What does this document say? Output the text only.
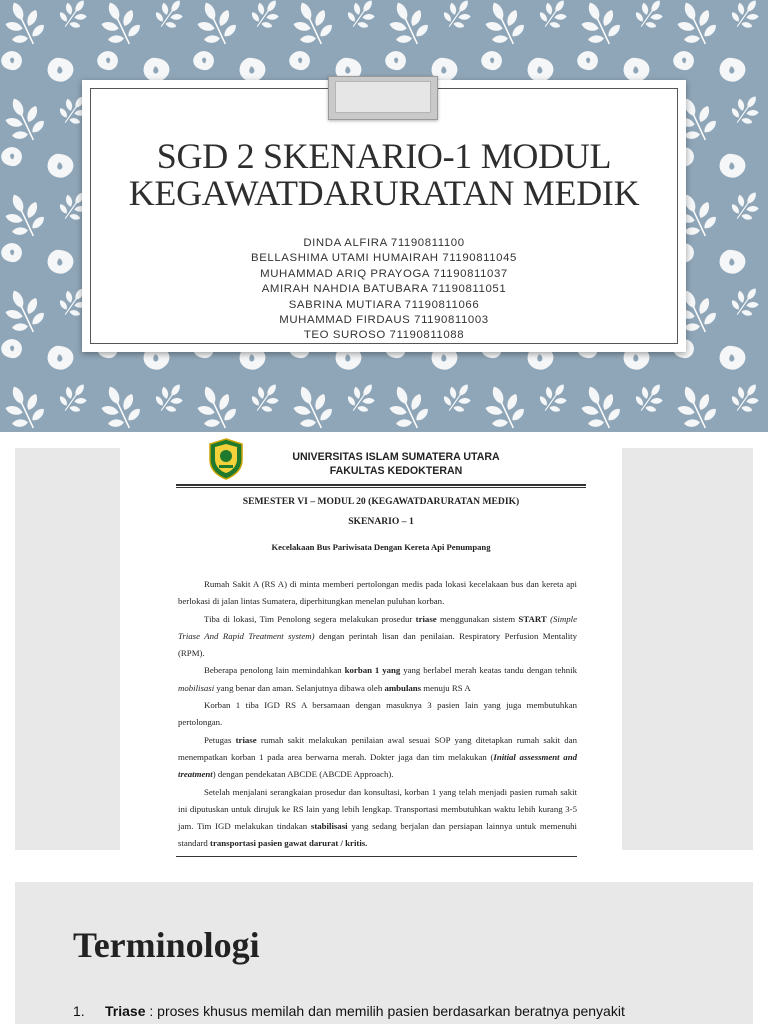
SGD 2 SKENARIO-1 MODUL
KEGAWATDARURATAN MEDIK
DINDA ALFIRA 71190811100
BELLASHIMA UTAMI HUMAIRAH 71190811045
MUHAMMAD ARIQ PRAYOGA 71190811037
AMIRAH NAHDIA BATUBARA 71190811051
SABRINA MUTIARA 71190811066
MUHAMMAD FIRDAUS 71190811003
TEO SUROSO 71190811088
UNIVERSITAS ISLAM SUMATERA UTARA
FAKULTAS KEDOKTERAN
SEMESTER VI – MODUL 20 (KEGAWATDARURATAN MEDIK)
SKENARIO – 1
Kecelakaan Bus Pariwisata Dengan Kereta Api Penumpang

Rumah Sakit A (RS A) di minta memberi pertolongan medis pada lokasi kecelakaan bus dan kereta api berlokasi di jalan lintas Sumatera, diperhitungkan menelan puluhan korban.

Tiba di lokasi, Tim Penolong segera melakukan prosedur triase menggunakan sistem START (Simple Triase And Rapid Treatment system) dengan perintah lisan dan penilaian. Respiratory Perfusion Mentality (RPM).

Beberapa penolong lain memindahkan korban 1 yang yang berlabel merah keatas tandu dengan tehnik mobilisasi yang benar dan aman. Selanjutnya dibawa oleh ambulans menuju RS A

Korban 1 tiba IGD RS A bersamaan dengan masuknya 3 pasien lain yang juga membutuhkan pertolongan.

Petugas triase rumah sakit melakukan penilaian awal sesuai SOP yang ditetapkan rumah sakit dan menempatkan korban 1 pada area berwarna merah. Dokter jaga dan tim melakukan (Initial assessment and treatment) dengan pendekatan ABCDE (ABCDE Approach).

Setelah menjalani serangkaian prosedur dan konsultasi, korban 1 yang telah menjadi pasien rumah sakit ini diputuskan untuk dirujuk ke RS lain yang lebih lengkap. Transportasi membutuhkan waktu lebih kurang 3-5 jam. Tim IGD melakukan tindakan stabilisasi yang sedang berjalan dan persiapan lainnya untuk memenuhi standard transportasi pasien gawat darurat / kritis.

Terminologi
1. Triase : proses khusus memilah dan memilih pasien berdasarkan beratnya penyakit
